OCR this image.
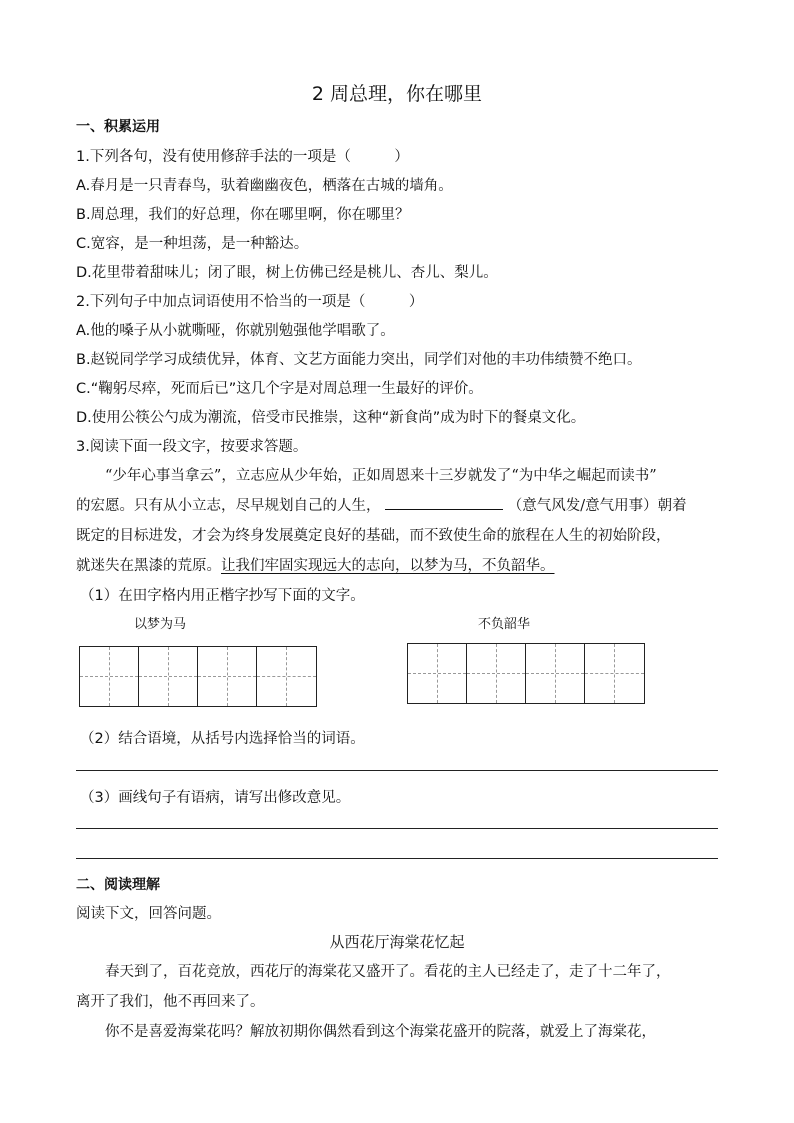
2 周总理，你在哪里
一、积累运用
1.下列各句，没有使用修辞手法的一项是（　　　）
A.春月是一只青春鸟，驮着幽幽夜色，栖落在古城的墙角。
B.周总理，我们的好总理，你在哪里啊，你在哪里？
C.宽容，是一种坦荡，是一种豁达。
D.花里带着甜味儿；闭了眼，树上仿佛已经是桃儿、杏儿、梨儿。
2.下列句子中加点词语使用不恰当的一项是（　　　）
A.他的嗓子从小就嘶哑，你就别勉强他学唱歌了。
B.赵锐同学学习成绩优异，体育、文艺方面能力突出，同学们对他的丰功伟绩赞不绝口。
C.“鞠躬尽瘁，死而后已”这几个字是对周总理一生最好的评价。
D.使用公筷公勺成为潮流，倍受市民推崇，这种“新食尚”成为时下的餐桌文化。
3.阅读下面一段文字，按要求答题。
“少年心事当拿云”，立志应从少年始，正如周恩来十三岁就发了“为中华之崛起而读书”
的宏愿。只有从小立志，尽早规划自己的人生，	（意气风发/意气用事）朝着
既定的目标进发，才会为终身发展奠定良好的基础，而不致使生命的旅程在人生的初始阶段，
就迷失在黑漆的荒原。让我们牢固实现远大的志向，以梦为马，不负韶华。
（1）在田字格内用正楷字抄写下面的文字。
以梦为马	不负韶华
（2）结合语境，从括号内选择恰当的词语。
（3）画线句子有语病，请写出修改意见。
二、阅读理解
阅读下文，回答问题。
从西花厅海棠花忆起
春天到了，百花竞放，西花厅的海棠花又盛开了。看花的主人已经走了，走了十二年了，
离开了我们，他不再回来了。
你不是喜爱海棠花吗？解放初期你偶然看到这个海棠花盛开的院落，就爱上了海棠花，
